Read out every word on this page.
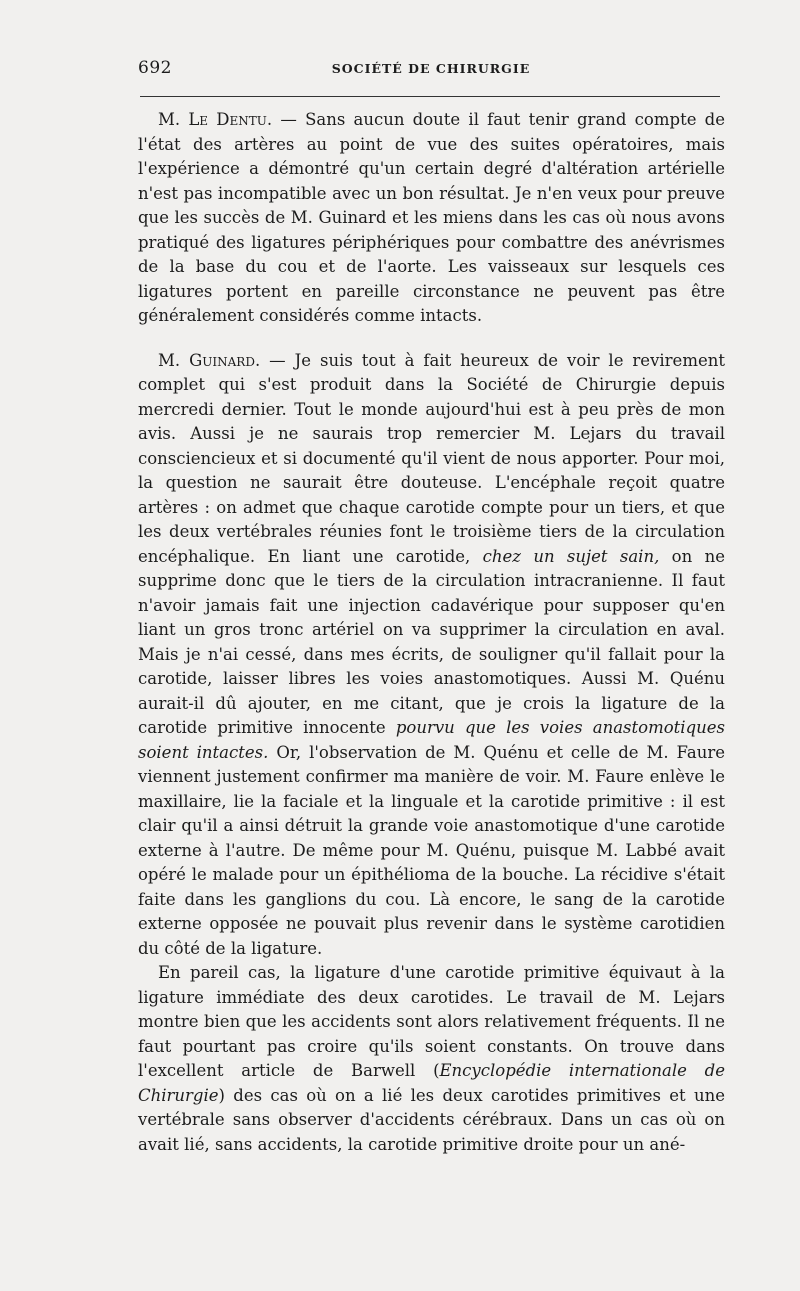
692	SOCIÉTÉ DE CHIRURGIE

M. Le Dentu. — Sans aucun doute il faut tenir grand compte de l'état des artères au point de vue des suites opératoires, mais l'expérience a démontré qu'un certain degré d'altération artérielle n'est pas incompatible avec un bon résultat. Je n'en veux pour preuve que les succès de M. Guinard et les miens dans les cas où nous avons pratiqué des ligatures périphériques pour combattre des anévrismes de la base du cou et de l'aorte. Les vaisseaux sur lesquels ces ligatures portent en pareille circonstance ne peuvent pas être généralement considérés comme intacts.

M. Guinard. — Je suis tout à fait heureux de voir le revirement complet qui s'est produit dans la Société de Chirurgie depuis mercredi dernier. Tout le monde aujourd'hui est à peu près de mon avis. Aussi je ne saurais trop remercier M. Lejars du travail consciencieux et si documenté qu'il vient de nous apporter. Pour moi, la question ne saurait être douteuse. L'encéphale reçoit quatre artères : on admet que chaque carotide compte pour un tiers, et que les deux vertébrales réunies font le troisième tiers de la circulation encéphalique. En liant une carotide, chez un sujet sain, on ne supprime donc que le tiers de la circulation intracranienne. Il faut n'avoir jamais fait une injection cadavérique pour supposer qu'en liant un gros tronc artériel on va supprimer la circulation en aval. Mais je n'ai cessé, dans mes écrits, de souligner qu'il fallait pour la carotide, laisser libres les voies anastomotiques. Aussi M. Quénu aurait-il dû ajouter, en me citant, que je crois la ligature de la carotide primitive innocente pourvu que les voies anastomotiques soient intactes. Or, l'observation de M. Quénu et celle de M. Faure viennent justement confirmer ma manière de voir. M. Faure enlève le maxillaire, lie la faciale et la linguale et la carotide primitive : il est clair qu'il a ainsi détruit la grande voie anastomotique d'une carotide externe à l'autre. De même pour M. Quénu, puisque M. Labbé avait opéré le malade pour un épithélioma de la bouche. La récidive s'était faite dans les ganglions du cou. Là encore, le sang de la carotide externe opposée ne pouvait plus revenir dans le système carotidien du côté de la ligature.

En pareil cas, la ligature d'une carotide primitive équivaut à la ligature immédiate des deux carotides. Le travail de M. Lejars montre bien que les accidents sont alors relativement fréquents. Il ne faut pourtant pas croire qu'ils soient constants. On trouve dans l'excellent article de Barwell (Encyclopédie internationale de Chirurgie) des cas où on a lié les deux carotides primitives et une vertébrale sans observer d'accidents cérébraux. Dans un cas où on avait lié, sans accidents, la carotide primitive droite pour un ané-
